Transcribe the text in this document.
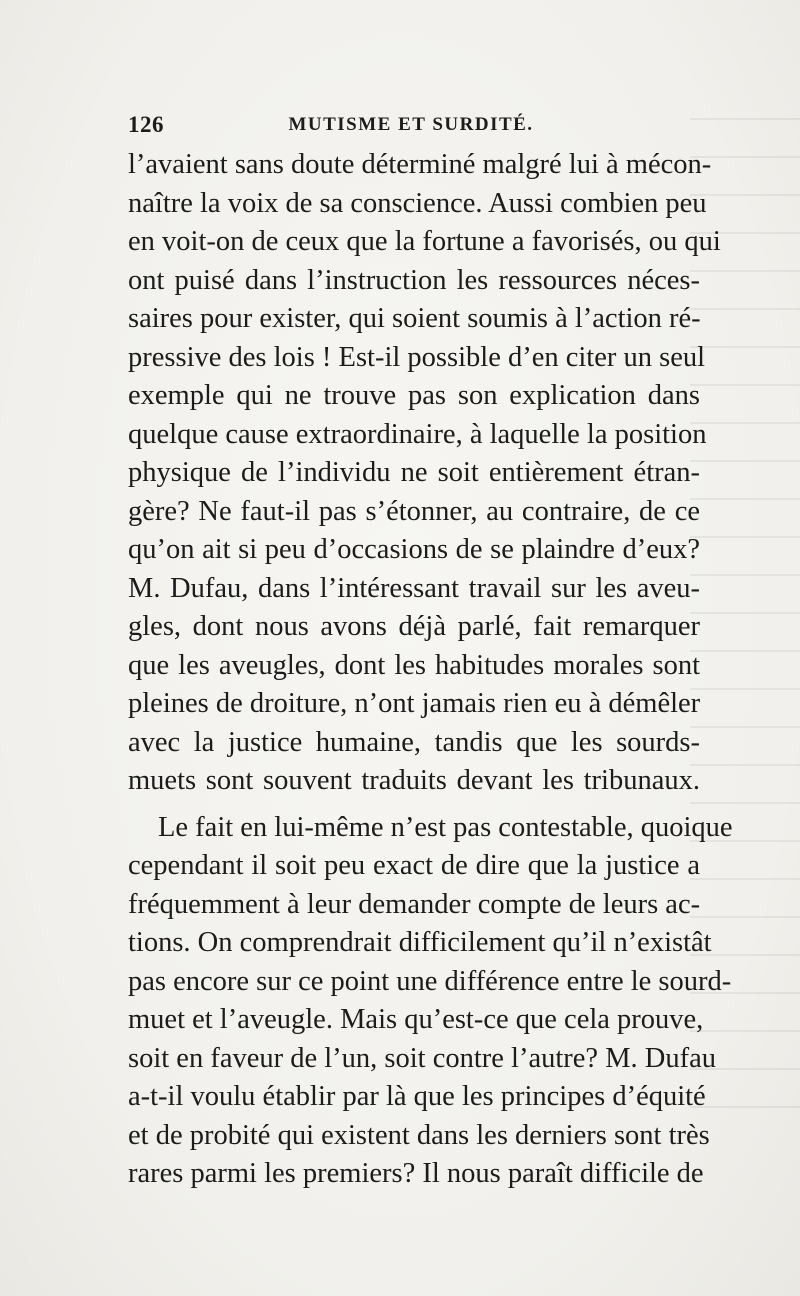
126	MUTISME ET SURDITÉ.
l’avaient sans doute déterminé malgré lui à mécon-
naître la voix de sa conscience. Aussi combien peu
en voit-on de ceux que la fortune a favorisés, ou qui
ont puisé dans l’instruction les ressources néces-
saires pour exister, qui soient soumis à l’action ré-
pressive des lois ! Est-il possible d’en citer un seul
exemple qui ne trouve pas son explication dans
quelque cause extraordinaire, à laquelle la position
physique de l’individu ne soit entièrement étran-
gère? Ne faut-il pas s’étonner, au contraire, de ce
qu’on ait si peu d’occasions de se plaindre d’eux?
M. Dufau, dans l’intéressant travail sur les aveu-
gles, dont nous avons déjà parlé, fait remarquer
que les aveugles, dont les habitudes morales sont
pleines de droiture, n’ont jamais rien eu à démêler
avec la justice humaine, tandis que les sourds-
muets sont souvent traduits devant les tribunaux.
Le fait en lui-même n’est pas contestable, quoique
cependant il soit peu exact de dire que la justice a
fréquemment à leur demander compte de leurs ac-
tions. On comprendrait difficilement qu’il n’existât
pas encore sur ce point une différence entre le sourd-
muet et l’aveugle. Mais qu’est-ce que cela prouve,
soit en faveur de l’un, soit contre l’autre? M. Dufau
a-t-il voulu établir par là que les principes d’équité
et de probité qui existent dans les derniers sont très
rares parmi les premiers? Il nous paraît difficile de
